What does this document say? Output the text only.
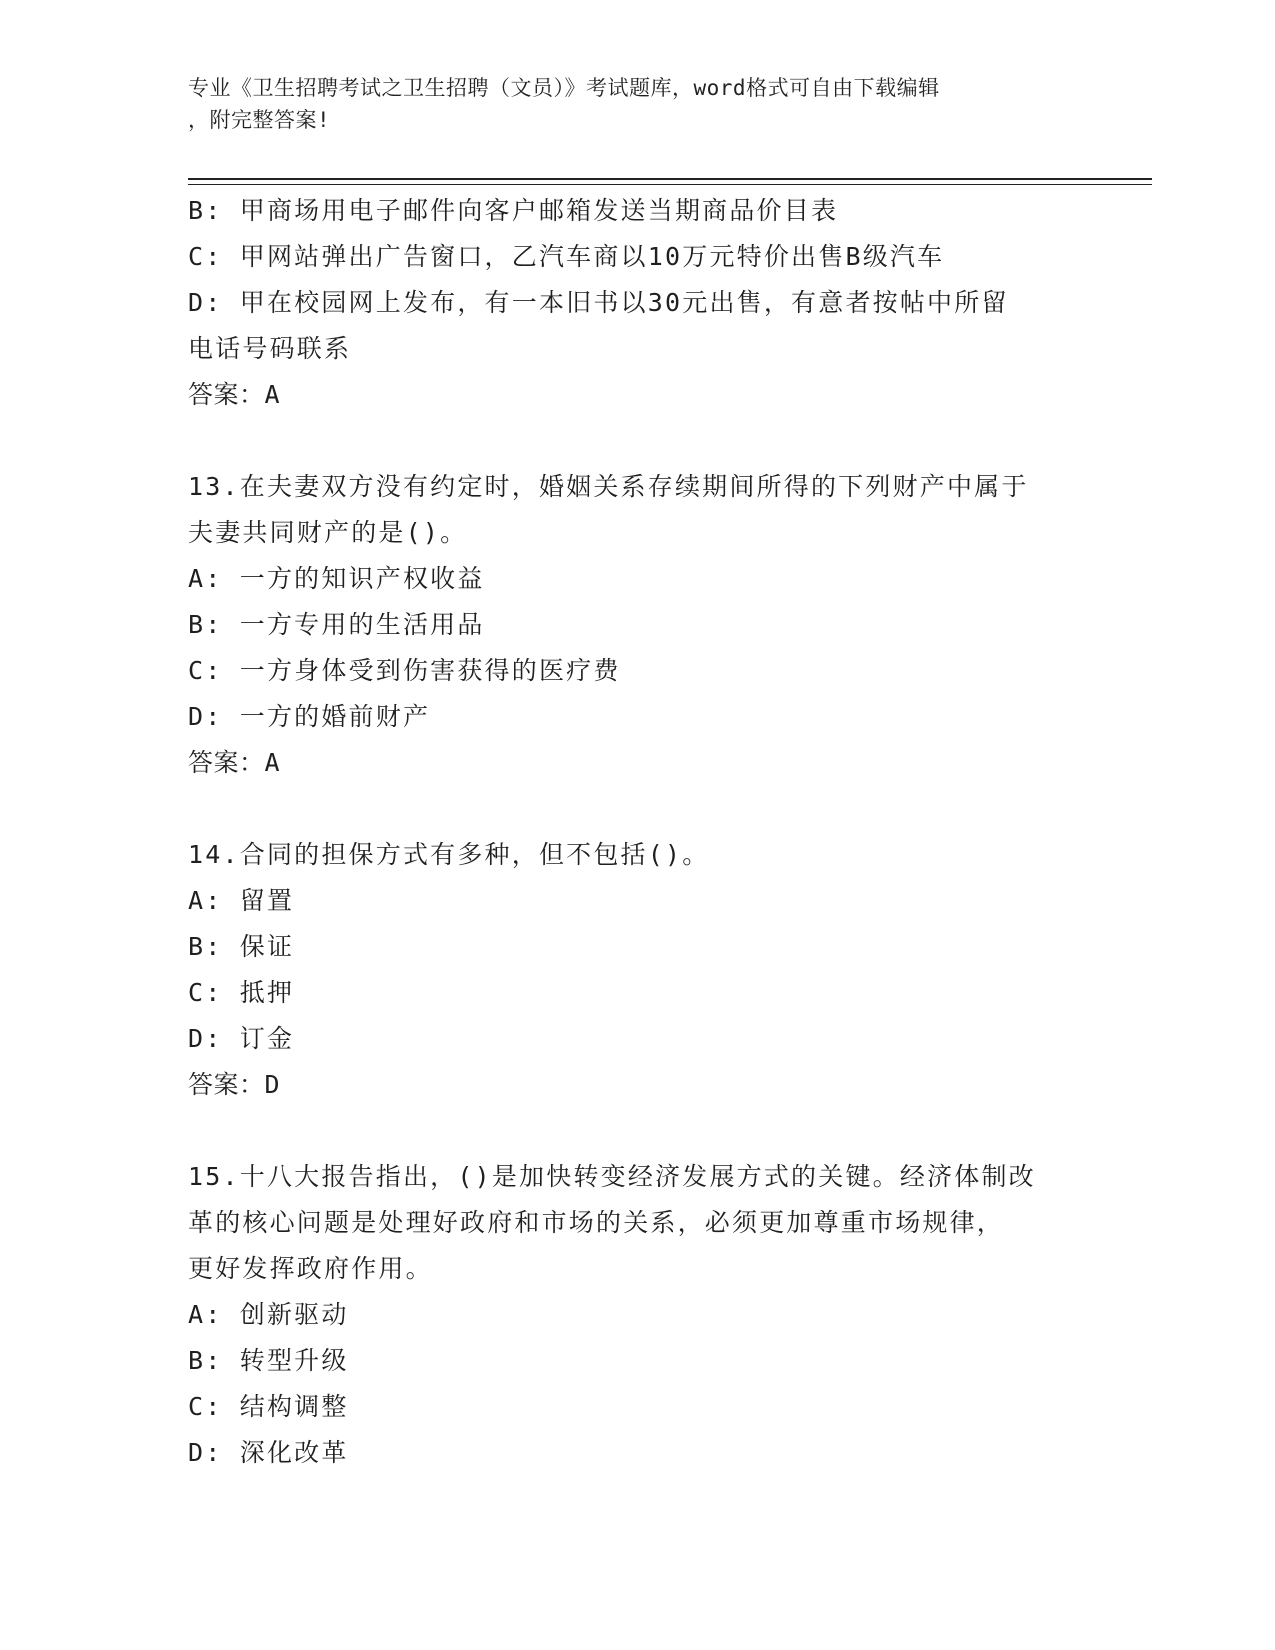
专业《卫生招聘考试之卫生招聘（文员）》考试题库，word格式可自由下载编辑
，附完整答案!
B: 甲商场用电子邮件向客户邮箱发送当期商品价目表
C: 甲网站弹出广告窗口，乙汽车商以10万元特价出售B级汽车
D: 甲在校园网上发布，有一本旧书以30元出售，有意者按帖中所留
电话号码联系
答案：A
13.在夫妻双方没有约定时，婚姻关系存续期间所得的下列财产中属于
夫妻共同财产的是()。
A: 一方的知识产权收益
B: 一方专用的生活用品
C: 一方身体受到伤害获得的医疗费
D: 一方的婚前财产
答案：A
14.合同的担保方式有多种，但不包括()。
A: 留置
B: 保证
C: 抵押
D: 订金
答案：D
15.十八大报告指出，()是加快转变经济发展方式的关键。经济体制改
革的核心问题是处理好政府和市场的关系，必须更加尊重市场规律，
更好发挥政府作用。
A: 创新驱动
B: 转型升级
C: 结构调整
D: 深化改革
